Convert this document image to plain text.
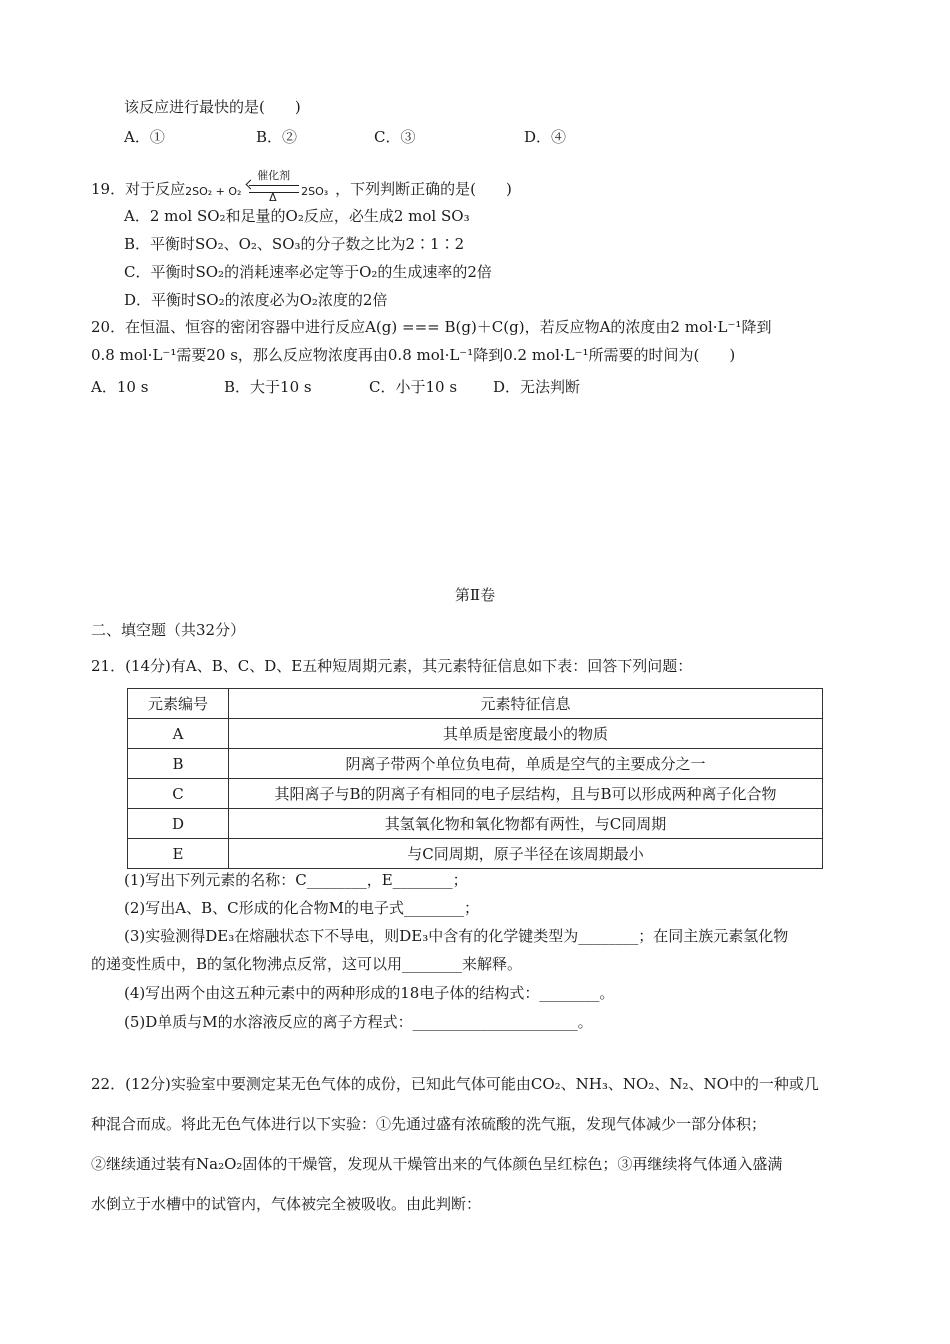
该反应进行最快的是(　　)
A．①	B．②	C．③	D．④
19．对于反应 2SO₂ + O₂
催化剂
Δ 2SO₃ ，下列判断正确的是(　　)
A．2 mol SO₂和足量的O₂反应，必生成2 mol SO₃
B．平衡时SO₂、O₂、SO₃的分子数之比为2∶1∶2
C．平衡时SO₂的消耗速率必定等于O₂的生成速率的2倍
D．平衡时SO₂的浓度必为O₂浓度的2倍
20．在恒温、恒容的密闭容器中进行反应A(g) === B(g)＋C(g)，若反应物A的浓度由2 mol·L⁻¹降到
0.8 mol·L⁻¹需要20 s，那么反应物浓度再由0.8 mol·L⁻¹降到0.2 mol·L⁻¹所需要的时间为(　　)
A．10 s	B．大于10 s	C．小于10 s D．无法判断
第Ⅱ卷
二、填空题（共32分）
21．(14分)有A、B、C、D、E五种短周期元素，其元素特征信息如下表：回答下列问题：
元素编号	元素特征信息
A	其单质是密度最小的物质
B	阴离子带两个单位负电荷，单质是空气的主要成分之一
C	其阳离子与B的阴离子有相同的电子层结构，且与B可以形成两种离子化合物
D	其氢氧化物和氧化物都有两性，与C同周期
E	与C同周期，原子半径在该周期最小
(1)写出下列元素的名称：C________，E________；
(2)写出A、B、C形成的化合物M的电子式________；
(3)实验测得DE₃在熔融状态下不导电，则DE₃中含有的化学键类型为________；在同主族元素氢化物
的递变性质中，B的氢化物沸点反常，这可以用________来解释。
(4)写出两个由这五种元素中的两种形成的18电子体的结构式：________。
(5)D单质与M的水溶液反应的离子方程式：______________________。
22．(12分)实验室中要测定某无色气体的成份，已知此气体可能由CO₂、NH₃、NO₂、N₂、NO中的一种或几
种混合而成。将此无色气体进行以下实验：①先通过盛有浓硫酸的洗气瓶，发现气体减少一部分体积；
②继续通过装有Na₂O₂固体的干燥管，发现从干燥管出来的气体颜色呈红棕色；③再继续将气体通入盛满
水倒立于水槽中的试管内，气体被完全被吸收。由此判断：
